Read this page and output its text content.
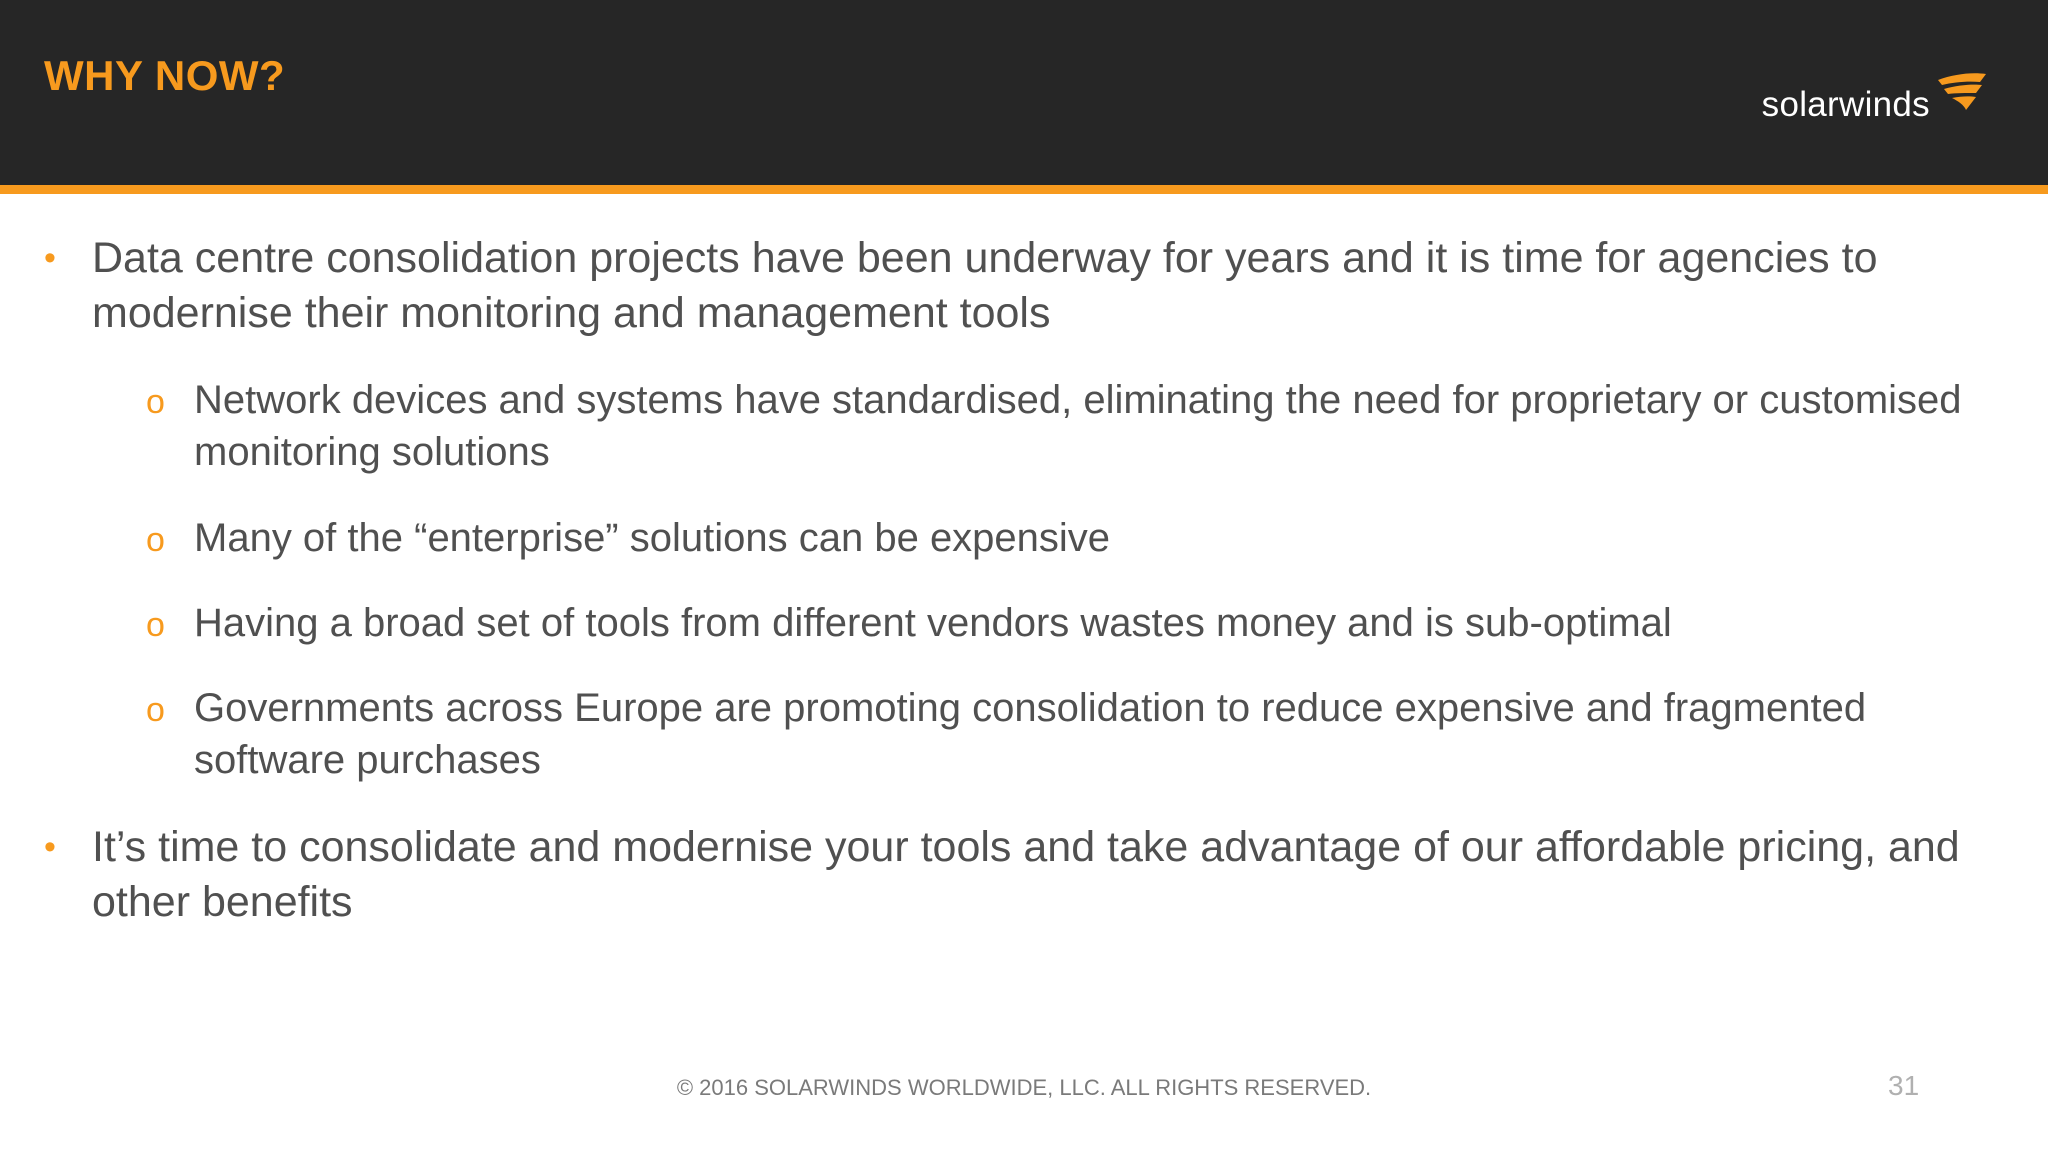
WHY NOW?
solarwinds
• Data centre consolidation projects have been underway for years and it is time for agencies to modernise their monitoring and management tools
o Network devices and systems have standardised, eliminating the need for proprietary or customised monitoring solutions
o Many of the “enterprise” solutions can be expensive
o Having a broad set of tools from different vendors wastes money and is sub-optimal
o Governments across Europe are promoting consolidation to reduce expensive and fragmented software purchases
• It’s time to consolidate and modernise your tools and take advantage of our affordable pricing, and other benefits
© 2016 SOLARWINDS WORLDWIDE, LLC. ALL RIGHTS RESERVED.	31
